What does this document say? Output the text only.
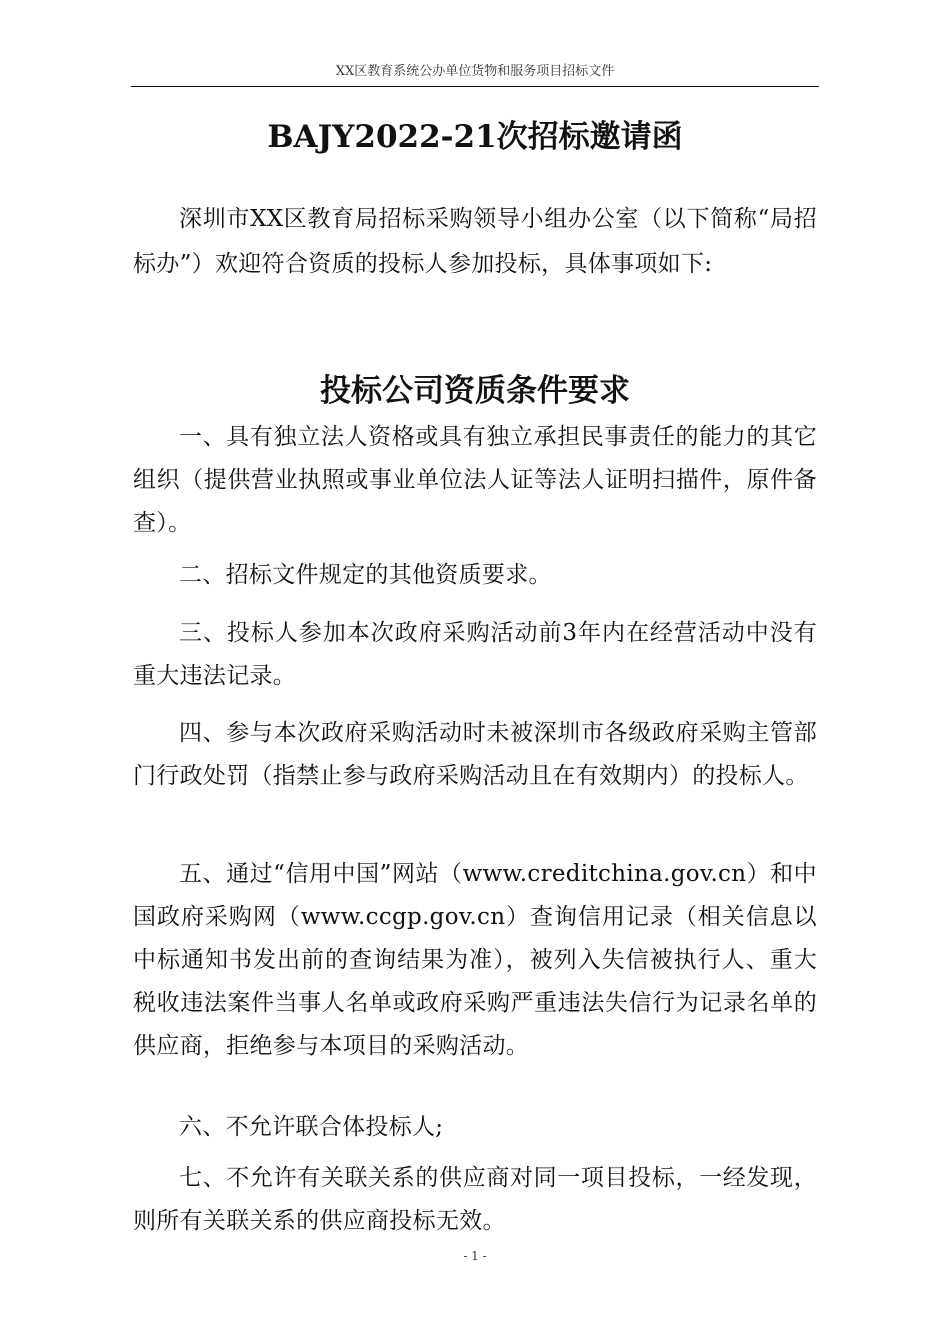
XX区教育系统公办单位货物和服务项目招标文件
BAJY2022-21次招标邀请函

深圳市XX区教育局招标采购领导小组办公室（以下简称“局招标办”）欢迎符合资质的投标人参加投标，具体事项如下:

投标公司资质条件要求

一、具有独立法人资格或具有独立承担民事责任的能力的其它组织（提供营业执照或事业单位法人证等法人证明扫描件，原件备查）。

二、招标文件规定的其他资质要求。

三、投标人参加本次政府采购活动前3年内在经营活动中没有重大违法记录。

四、参与本次政府采购活动时未被深圳市各级政府采购主管部门行政处罚（指禁止参与政府采购活动且在有效期内）的投标人。

五、通过“信用中国”网站（www.creditchina.gov.cn）和中国政府采购网（www.ccgp.gov.cn）查询信用记录（相关信息以中标通知书发出前的查询结果为准），被列入失信被执行人、重大税收违法案件当事人名单或政府采购严重违法失信行为记录名单的供应商，拒绝参与本项目的采购活动。

六、不允许联合体投标人;

七、不允许有关联关系的供应商对同一项目投标，一经发现，则所有关联关系的供应商投标无效。

- 1 -
